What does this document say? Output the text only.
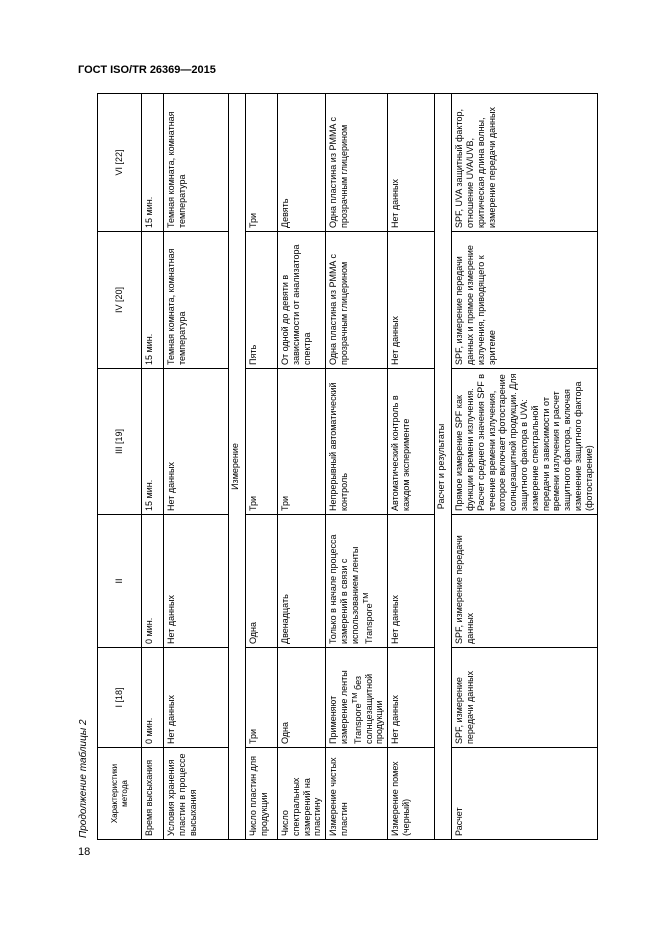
ГОСТ ISO/TR 26369—2015
18
Продолжение таблицы 2	Характеристики метода	I [18]	II	III [19]	IV [20]	VI [22]
Время высыхания	0 мин.	0 мин.	15 мин.	15 мин.	15 мин.
Условия хранения пластин в процессе высыхания	Нет данных	Нет данных	Нет данных	Темная комната, комнатная температура	Темная комната, комнатная температура
Измерение					
Число пластин для продукции	Три	Одна	Три	Пять	Три
Число спектральных измерений на пластину	Одна	Двенадцать	Три	От одной до девяти в зависимости от анализатора спектра	Девять
Измерение чистых пластин	Применяют измерение ленты Transpore™ без солнцезащитной продукции	Только в начале процесса измерений в связи с использованием ленты Transpore™	Непрерывный автоматический контроль	Одна пластина из PMMA с прозрачным глицерином	Одна пластина из PMMA с прозрачным глицерином
Измерение помех (черный)	Нет данных	Нет данных	Автоматический контроль в каждом эксперименте	Нет данных	Нет данных
Расчет и результаты					
Расчет	SPF, измерение передачи данных	SPF, измерение передачи данных	Прямое измерение SPF как функции времени излучения. Расчет среднего значения SPF в течение времени излучения, которое включает фотостарение солнцезащитной продукции. Для защитного фактора в UVA: измерение спектральной передачи в зависимости от времени излучения и расчет защитного фактора, включая изменение защитного фактора (фотостарение)	SPF, измерение передачи данных и прямое измерение излучения, приводящего к эритеме	SPF, UVA защитный фактор, отношение UVA/UVB, критическая длина волны, измерение передачи данных
